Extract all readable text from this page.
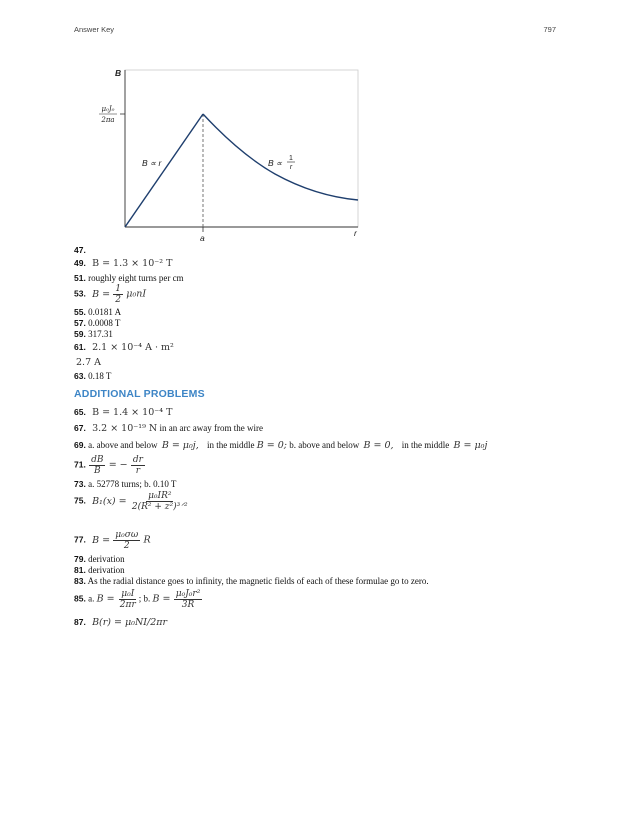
Answer Key	797
B
r
a
μ₀J₀
2πa
B ∝ r	B ∝ 1
r
47.
49. B = 1.3 × 10⁻² T
51. roughly eight turns per cm
53. $B = \frac{1}{2} \mu_0nI$
55. 0.0181 A
57. 0.0008 T
59. 317.31
61. 2.1 × 10⁻⁴ A · m²
2.7 A
63. 0.18 T
ADDITIONAL PROBLEMS
65. B = 1.4 × 10⁻⁴ T
67. 3.2 × 10⁻¹⁹ N in an arc away from the wire
69. a. above and below B = μ₀j, in the middle B = 0; b. above and below B = 0, in the middle B = μ₀j
71. $\frac{dB}{B}$ = − $\frac{dr}{r}$
73. a. 52778 turns; b. 0.10 T
75. $B_1(x) = \frac{\text{μ₀IR²}}{\text{2(R² + z²)³ᐟ²}}$
77. $B = \frac{\text{μ₀σω}}{2}$ R
79. derivation
81. derivation
83. As the radial distance goes to infinity, the magnetic fields of each of these formulae go to zero.
85. a. $B = \frac{\text{μ₀I}}{2\pi r}$ ; b. $B = \frac{\text{μ₀J₀r²}}{3R}$
87. B(r) = μ₀NI/2πr
